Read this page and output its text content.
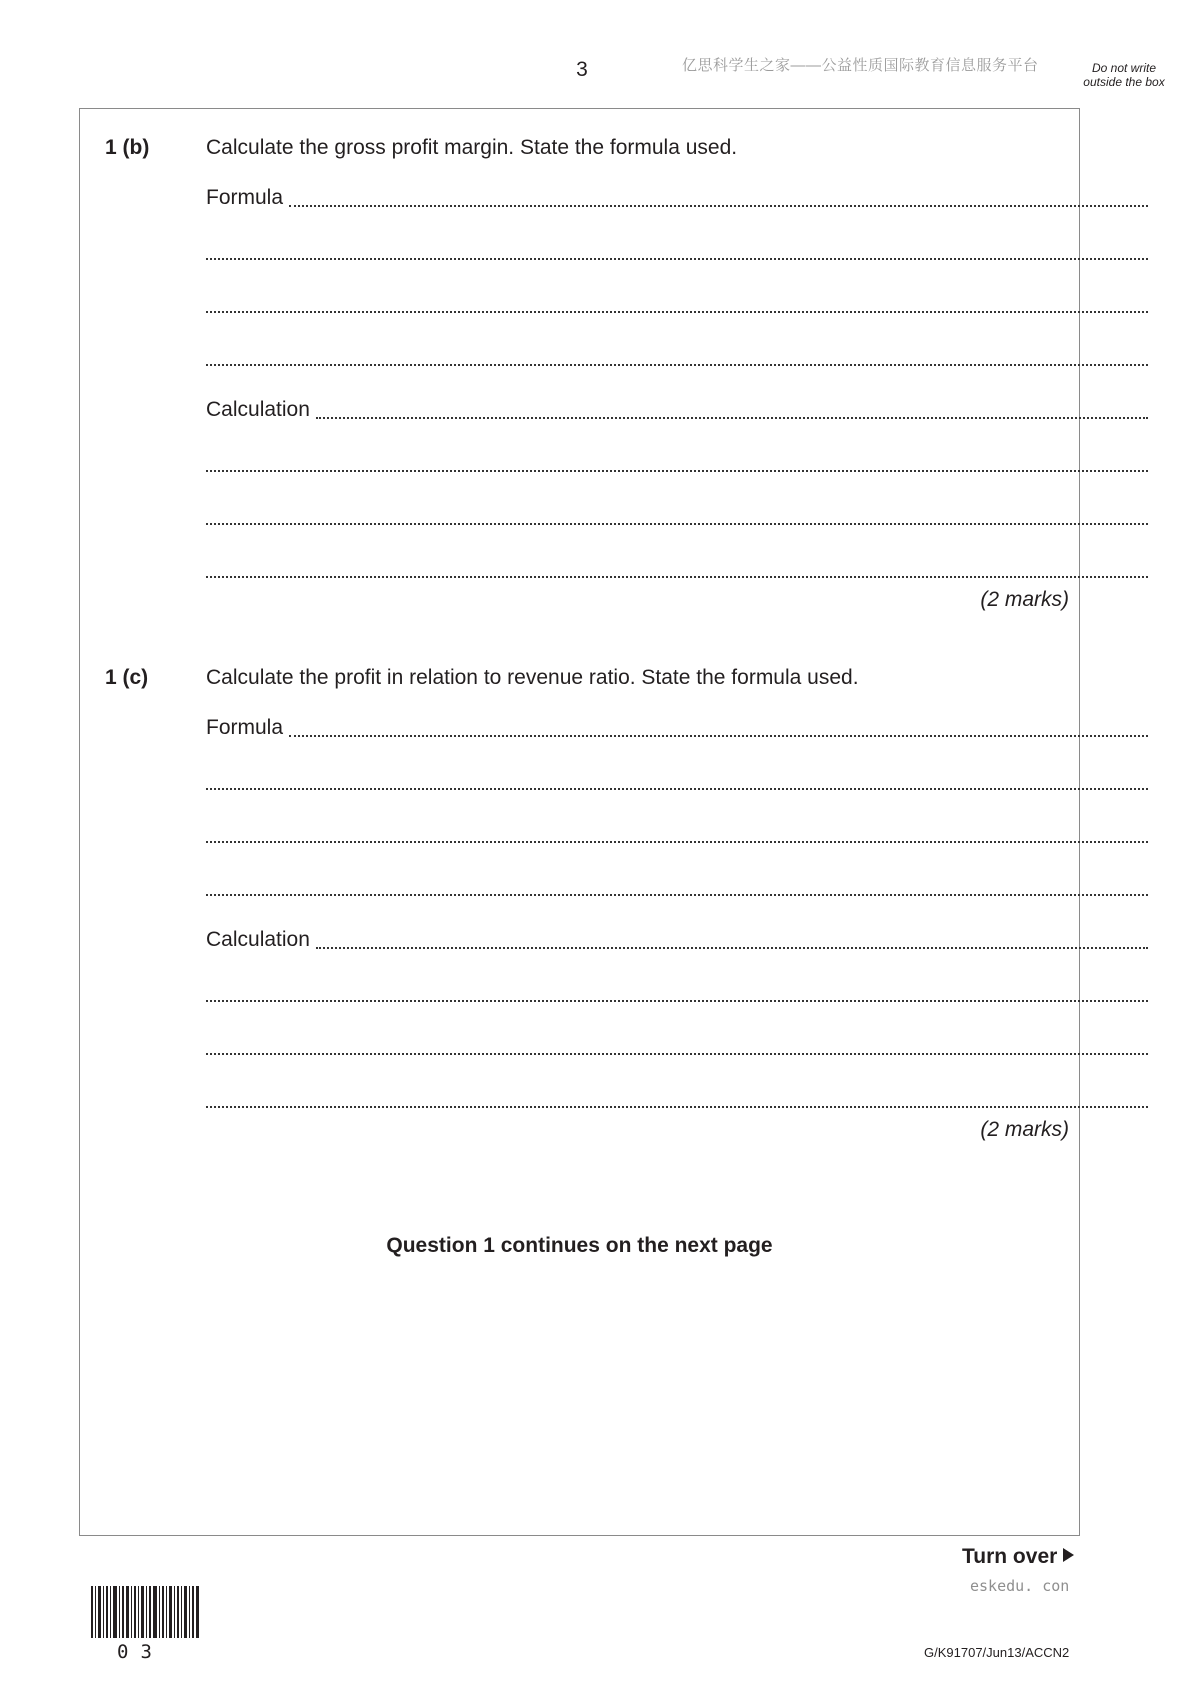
3	亿思科学生之家——公益性质国际教育信息服务平台	Do not write outside the box
1 (b)	Calculate the gross profit margin. State the formula used.
Formula
Calculation
(2 marks)
1 (c)	Calculate the profit in relation to revenue ratio. State the formula used.
Formula
Calculation
(2 marks)
Question 1 continues on the next page
Turn over
eskedu. con
03	G/K91707/Jun13/ACCN2
